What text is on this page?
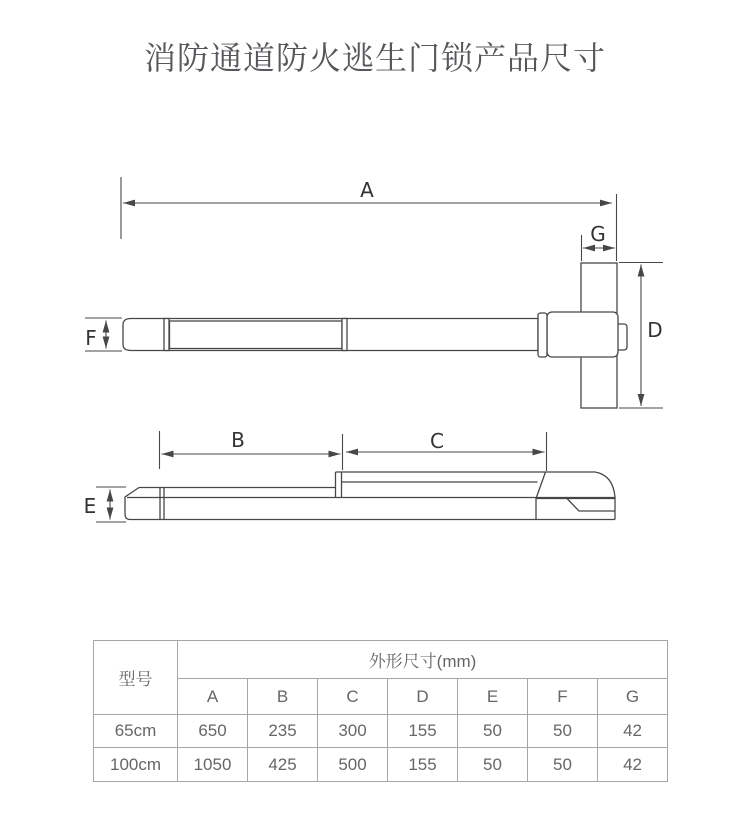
消防通道防火逃生门锁产品尺寸
A
G
F	D
B	C
E
型号	外形尺寸(mm)						
	A	B	C	D	E	F	G
65cm	650	235	300	155	50	50	42
100cm	1050	425	500	155	50	50	42
